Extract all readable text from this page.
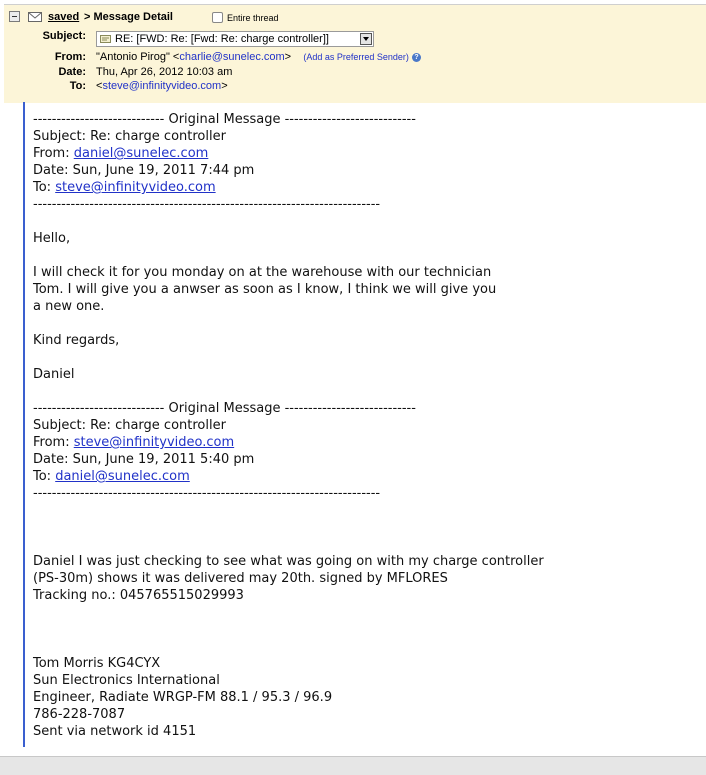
saved > Message Detail	Entire thread
Subject:	RE: [FWD: Re: [Fwd: Re: charge controller]]
From: "Antonio Pirog" <charlie@sunelec.com> (Add as Preferred Sender) ?
Date: Thu, Apr 26, 2012 10:03 am
To: <steve@infinityvideo.com>
---------------------------- Original Message ----------------------------
Subject: Re: charge controller
From: daniel@sunelec.com
Date: Sun, June 19, 2011 7:44 pm
To: steve@infinityvideo.com
--------------------------------------------------------------------------
Hello,
I will check it for you monday on at the warehouse with our technician
Tom. I will give you a anwser as soon as I know, I think we will give you
a new one.
Kind regards,
Daniel
---------------------------- Original Message ----------------------------
Subject: Re: charge controller
From: steve@infinityvideo.com
Date: Sun, June 19, 2011 5:40 pm
To: daniel@sunelec.com
--------------------------------------------------------------------------
Daniel I was just checking to see what was going on with my charge controller
(PS-30m) shows it was delivered may 20th. signed by MFLORES
Tracking no.: 045765515029993
Tom Morris KG4CYX
Sun Electronics International
Engineer, Radiate WRGP-FM 88.1 / 95.3 / 96.9
786-228-7087
Sent via network id 4151
